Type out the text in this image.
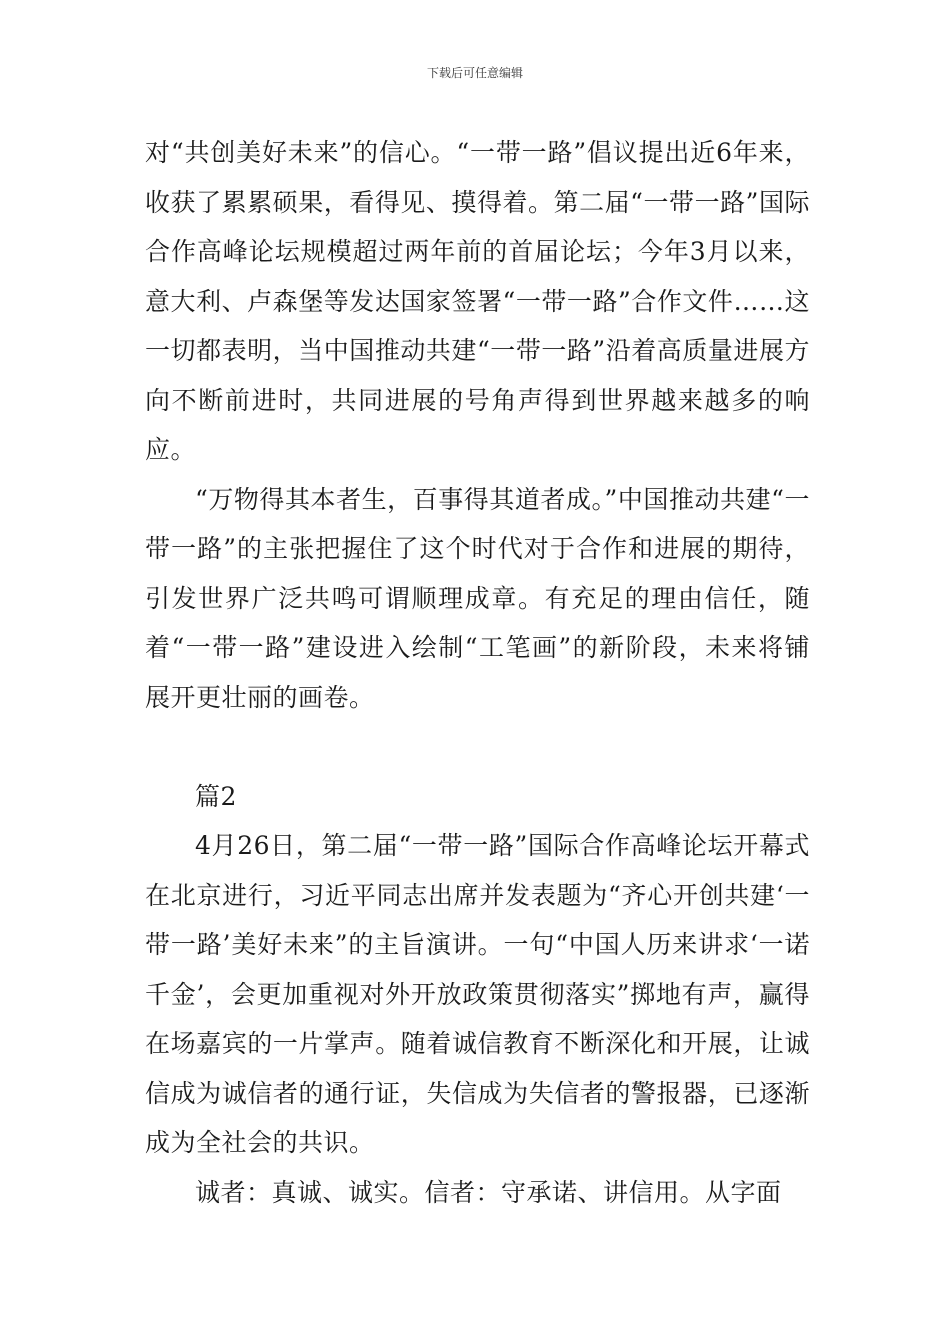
下载后可任意编辑

对“共创美好未来”的信心。“一带一路”倡议提出近6年来，收获了累累硕果，看得见、摸得着。第二届“一带一路”国际合作高峰论坛规模超过两年前的首届论坛；今年3月以来，意大利、卢森堡等发达国家签署“一带一路”合作文件……这一切都表明，当中国推动共建“一带一路”沿着高质量进展方向不断前进时，共同进展的号角声得到世界越来越多的响应。

“万物得其本者生，百事得其道者成。”中国推动共建“一带一路”的主张把握住了这个时代对于合作和进展的期待，引发世界广泛共鸣可谓顺理成章。有充足的理由信任，随着“一带一路”建设进入绘制“工笔画”的新阶段，未来将铺展开更壮丽的画卷。

篇2

4月26日，第二届“一带一路”国际合作高峰论坛开幕式在北京进行，习近平同志出席并发表题为“齐心开创共建‘一带一路’美好未来”的主旨演讲。一句“中国人历来讲求‘一诺千金’，会更加重视对外开放政策贯彻落实”掷地有声，赢得在场嘉宾的一片掌声。随着诚信教育不断深化和开展，让诚信成为诚信者的通行证，失信成为失信者的警报器，已逐渐成为全社会的共识。

诚者：真诚、诚实。信者：守承诺、讲信用。从字面
